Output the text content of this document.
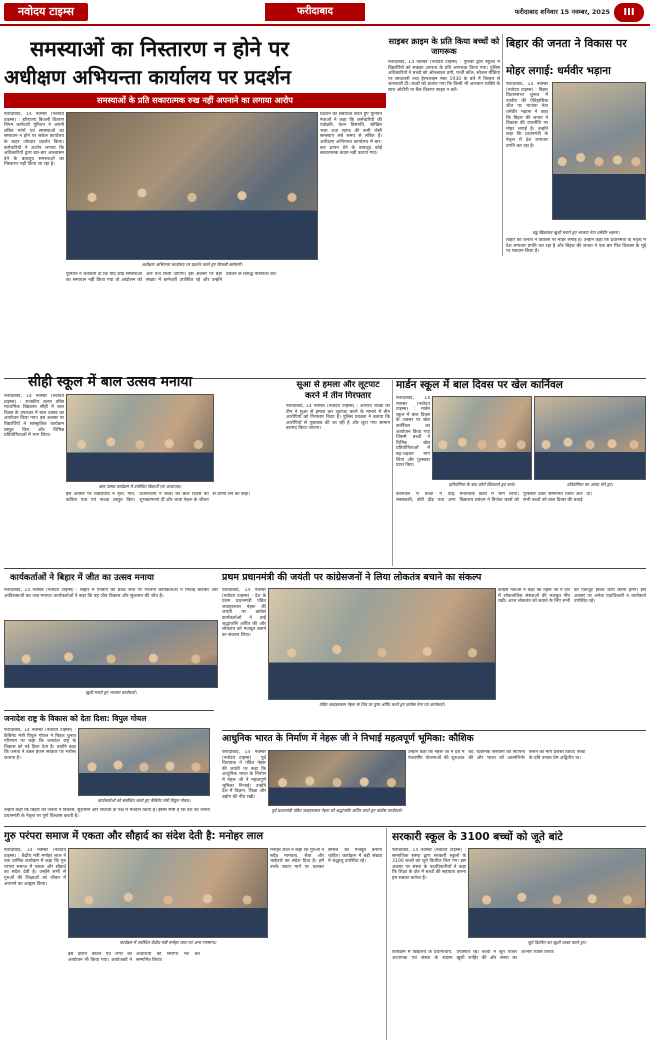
नवोदय टाइम्स	फरीदाबाद	फरीदाबाद शनिवार 15 नवम्बर, 2025	III
समस्याओं का निस्तारण न होने पर
अधीक्षण अभियन्ता कार्यालय पर प्रदर्शन
समस्याओं के प्रति सकारात्मक रुख नहीं अपनाने का लगाया आरोप
फरीदाबाद, 14 नवम्बर (नवोदय टाइम्स) : हरियाणा बिजली वितरण निगम कर्मचारी यूनियन ने अपनी लंबित मांगों एवं समस्याओं का समाधान न होने पर सर्कल कार्यालय के बाहर जोरदार प्रदर्शन किया। कर्मचारियों ने आरोप लगाया कि अधिकारियों द्वारा बार-बार आश्वासन देने के बावजूद समस्याओं का निस्तारण नहीं किया जा रहा है।
प्रदर्शन को संबोधित करते हुए यूनियन नेताओं ने कहा कि कर्मचारियों की पदोन्नति, वेतन विसंगति, जोखिम भत्ता तथा स्टाफ की कमी जैसी समस्याएं लंबे समय से लंबित हैं। अधीक्षण अभियन्ता कार्यालय में बार-बार ज्ञापन देने के बावजूद कोई सकारात्मक कदम नहीं उठाया गया।
अधीक्षण अभियन्ता कार्यालय पर प्रदर्शन करते हुए बिजली कर्मचारी।
यूनियन ने चेतावनी दी कि यदि शीघ्र समस्याओं का समाधान नहीं किया गया तो आंदोलन को और तेज किया जाएगा। इस अवसर पर बड़ी संख्या में कर्मचारी उपस्थित रहे और उन्होंने प्रबंधन के विरुद्ध नारेबाजी की।
साइबर क्राइम के प्रति किया बच्चों को जागरूक
फरीदाबाद, 14 नवम्बर (नवोदय टाइम्स) : पुलिस द्वारा स्कूलों में विद्यार्थियों को साइबर अपराध के प्रति जागरूक किया गया। पुलिस अधिकारियों ने बच्चों को ऑनलाइन ठगी, फर्जी कॉल, सोशल मीडिया पर सावधानी तथा हेल्पलाइन नंबर 1930 के बारे में विस्तार से जानकारी दी। बच्चों को बताया गया कि किसी भी अनजान व्यक्ति के साथ ओटीपी या बैंक विवरण साझा न करें।
बिहार की जनता ने विकास पर
मोहर लगाई: धर्मवीर भड़ाना
फरीदाबाद, 14 नवम्बर (नवोदय टाइम्स) : बिहार विधानसभा चुनाव में एनडीए की ऐतिहासिक जीत पर भाजपा नेता धर्मवीर भड़ाना ने कहा कि बिहार की जनता ने विकास की राजनीति पर मोहर लगाई है। उन्होंने कहा कि प्रधानमंत्री के नेतृत्व में देश लगातार प्रगति कर रहा है।
लड्डू खिलाकर खुशी मनाते हुए भाजपा नेता धर्मवीर भड़ाना।
बिहार की जनता ने विकास पर मोहर लगाई है। उन्होंने कहा कि प्रधानमंत्री के नेतृत्व में देश लगातार प्रगति कर रहा है और बिहार की जनता ने एक बार फिर विकास के मुद्दे पर मतदान किया है।
सीही स्कूल में बाल उत्सव मनाया
फरीदाबाद, 14 नवम्बर (नवोदय टाइम्स) : राजकीय कन्या वरिष्ठ माध्यमिक विद्यालय सीही में बाल दिवस के उपलक्ष्य में बाल उत्सव का आयोजन किया गया। इस अवसर पर विद्यार्थियों ने सांस्कृतिक कार्यक्रम प्रस्तुत किए और विभिन्न प्रतियोगिताओं में भाग लिया।
बाल उत्सव कार्यक्रम में उपस्थित विद्यार्थी एवं अध्यापक।
इस अवसर पर विद्यार्थियों ने नृत्य, गीत, कविता पाठ एवं नाटक प्रस्तुत किए। प्रधानाचार्य ने बच्चों को बाल दिवस की शुभकामनाएं दीं और चाचा नेहरू के जीवन से प्रेरणा लेने को कहा।
सूआ से हमला और लूटपाट
करने में तीन गिरफ्तार
फरीदाबाद, 14 नवम्बर (नवोदय टाइम्स) : अपराध शाखा की टीम ने सूआ से हमला कर लूटपाट करने के मामले में तीन आरोपियों को गिरफ्तार किया है। पुलिस प्रवक्ता ने बताया कि आरोपियों से पूछताछ की जा रही है और लूटा गया सामान बरामद किया जाएगा।
मार्डन स्कूल में बाल दिवस पर खेल कार्निवल
फरीदाबाद, 14 नवम्बर (नवोदय टाइम्स) : मार्डन स्कूल में बाल दिवस के अवसर पर खेल कार्निवल का आयोजन किया गया जिसमें बच्चों ने विभिन्न खेल प्रतियोगिताओं में बढ़-चढ़कर भाग लिया और पुरस्कार प्राप्त किए।
प्रतियोगिता के बाद फोटो खिंचवाते हुए बच्चे।	प्रतियोगिता का आनंद लेते हुए।
कार्निवल में बच्चों ने दौड़, रस्साकशी, बोरी दौड़ तथा अन्य मनोरंजक खेलों में भाग लिया। विद्यालय प्रबंधन ने विजेता छात्रों को पुरस्कार देकर सम्मानित किया और सभी बच्चों को बाल दिवस की बधाई दी।
कार्यकर्ताओं ने बिहार में जीत का उत्सव मनाया
फरीदाबाद, 14 नवम्बर (नवोदय टाइम्स) : बिहार में एनडीए की प्रचंड जीत पर भाजपा कार्यकर्ताओं ने मिठाई बांटकर और आतिशबाजी कर जश्न मनाया। कार्यकर्ताओं ने कहा कि यह जीत विकास और सुशासन की जीत है।
खुशी मनाते हुए भाजपा कार्यकर्ता।
प्रथम प्रधानमंत्री की जयंती पर कांग्रेसजनों ने लिया लोकतंत्र बचाने का संकल्प
फरीदाबाद, 14 नवम्बर (नवोदय टाइम्स) : देश के प्रथम प्रधानमंत्री पंडित जवाहरलाल नेहरू की जयंती पर कांग्रेस कार्यकर्ताओं ने उन्हें श्रद्धांजलि अर्पित की और लोकतंत्र को मजबूत बनाने का संकल्प लिया।
पंडित जवाहरलाल नेहरू के चित्र पर पुष्प अर्पित करते हुए कांग्रेस नेता एवं कार्यकर्ता।
कांग्रेस नेताओं ने कहा कि नेहरू जी ने देश में लोकतांत्रिक संस्थाओं की मजबूत नींव रखी। आज लोकतंत्र को बचाने के लिए सभी को एकजुट होकर कार्य करना होगा। इस अवसर पर अनेक पदाधिकारी व कार्यकर्ता उपस्थित रहे।
जनादेश राष्ट्र के विकास को देता दिशा: विपुल गोयल
फरीदाबाद, 14 नवम्बर (नवोदय टाइम्स) : कैबिनेट मंत्री विपुल गोयल ने बिहार चुनाव परिणाम पर कहा कि जनादेश राष्ट्र के विकास को नई दिशा देता है। उन्होंने कहा कि जनता ने डबल इंजन सरकार पर भरोसा जताया है।
कार्यकर्ताओं को संबोधित करते हुए कैबिनेट मंत्री विपुल गोयल।
उन्होंने कहा कि बिहार की जनता ने विकास, सुशासन और स्थिरता के पक्ष में मतदान किया है। इससे स्पष्ट है कि देश की जनता प्रधानमंत्री के नेतृत्व पर पूर्ण विश्वास करती है।
आधुनिक भारत के निर्माण में नेहरू जी ने निभाई महत्वपूर्ण भूमिका: कौशिक
फरीदाबाद, 14 नवम्बर (नवोदय टाइम्स) : पूर्व विधायक ने पंडित नेहरू की जयंती पर कहा कि आधुनिक भारत के निर्माण में नेहरू जी ने महत्वपूर्ण भूमिका निभाई। उन्होंने देश में विज्ञान, शिक्षा और उद्योग की नींव रखी।
पूर्व प्रधानमंत्री पंडित जवाहरलाल नेहरू को श्रद्धांजलि अर्पित करते हुए कांग्रेस कार्यकर्ता।
उन्होंने कहा कि नेहरू जी ने देश में पंचवर्षीय योजनाओं की शुरुआत की, वैज्ञानिक संस्थानों की स्थापना की और भारत को आत्मनिर्भर बनाने का मार्ग प्रशस्त किया। बच्चों के प्रति उनका प्रेम अद्वितीय था।
गुरु परंपरा समाज में एकता और सौहार्द का संदेश देती है: मनोहर लाल
फरीदाबाद, 14 नवम्बर (नवोदय टाइम्स) : केंद्रीय मंत्री मनोहर लाल ने एक धार्मिक कार्यक्रम में कहा कि गुरु परंपरा समाज में एकता और सौहार्द का संदेश देती है। उन्होंने सभी से गुरुओं की शिक्षाओं को जीवन में अपनाने का आह्वान किया।
कार्यक्रम में उपस्थित केंद्रीय मंत्री मनोहर लाल एवं अन्य गणमान्य।
मनोहर लाल ने कहा कि गुरुओं ने सदैव मानवता, सेवा और भाईचारे का संदेश दिया है। हमें उनके बताए मार्ग पर चलकर समाज को मजबूत बनाना चाहिए। कार्यक्रम में बड़ी संख्या में श्रद्धालु उपस्थित रहे।
इस दौरान कीर्तन एवं लंगर का आयोजन भी किया गया। आयोजकों ने अतिथियों को सिरोपा भेंट कर सम्मानित किया।
सरकारी स्कूल के 3100 बच्चों को जूते बांटे
फरीदाबाद, 14 नवम्बर (नवोदय टाइम्स) : सामाजिक संस्था द्वारा सरकारी स्कूलों के 3100 बच्चों को जूते वितरित किए गए। इस अवसर पर संस्था के पदाधिकारियों ने कहा कि शिक्षा के क्षेत्र में बच्चों की सहायता करना हम सबका कर्तव्य है।
जूते वितरित कर खुशी व्यक्त करते हुए।
कार्यक्रम में विद्यालय के प्रधानाचार्य, अध्यापक एवं संस्था के सदस्य उपस्थित रहे। बच्चों ने जूते पाकर खुशी जाहिर की और संस्था का आभार व्यक्त किया।
